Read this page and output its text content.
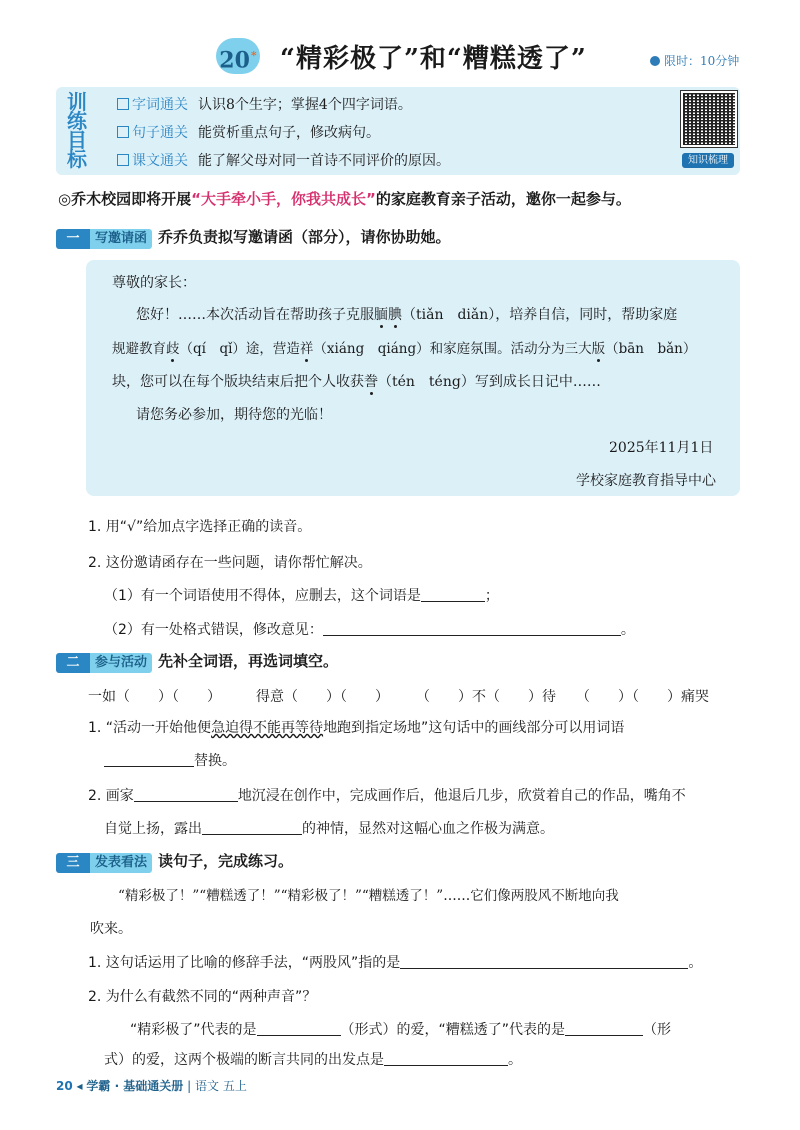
20* “精彩极了”和“糟糕透了”	限时：10分钟
训
练
目
标
字词通关 认识8个生字；掌握4个四字词语。
句子通关 能赏析重点句子，修改病句。
课文通关 能了解父母对同一首诗不同评价的原因。	知识梳理
◎乔木校园即将开展“大手牵小手，你我共成长”的家庭教育亲子活动，邀你一起参与。
一 写邀请函 乔乔负责拟写邀请函（部分），请你协助她。
尊敬的家长：
您好！……本次活动旨在帮助孩子克服腼腆（tiǎn　diǎn），培养自信，同时，帮助家庭
规避教育歧（qí　qǐ）途，营造祥（xiáng　qiáng）和家庭氛围。活动分为三大版（bān　bǎn）
块，您可以在每个版块结束后把个人收获誊（tén　téng）写到成长日记中……
请您务必参加，期待您的光临！
2025年11月1日
学校家庭教育指导中心
1. 用“√”给加点字选择正确的读音。
2. 这份邀请函存在一些问题，请你帮忙解决。
（1）有一个词语使用不得体，应删去，这个词语是	；
（2）有一处格式错误，修改意见：	。
二 参与活动 先补全词语，再选词填空。
一如（　　）（　　）	得意（　　）（　　） （　　）不（　　）待 （　　）（　　）痛哭
1. “活动一开始他便急迫得不能再等待地跑到指定场地”这句话中的画线部分可以用词语
替换。
2. 画家	地沉浸在创作中，完成画作后，他退后几步，欣赏着自己的作品，嘴角不
自觉上扬，露出	的神情，显然对这幅心血之作极为满意。
三 发表看法 读句子，完成练习。
“精彩极了！”“糟糕透了！”“精彩极了！”“糟糕透了！”……它们像两股风不断地向我
吹来。
1. 这句话运用了比喻的修辞手法，“两股风”指的是	。
2. 为什么有截然不同的“两种声音”？
“精彩极了”代表的是	（形式）的爱，“糟糕透了”代表的是	（形
式）的爱，这两个极端的断言共同的出发点是	。
20 ◂ 学霸 · 基础通关册 | 语文 五上
